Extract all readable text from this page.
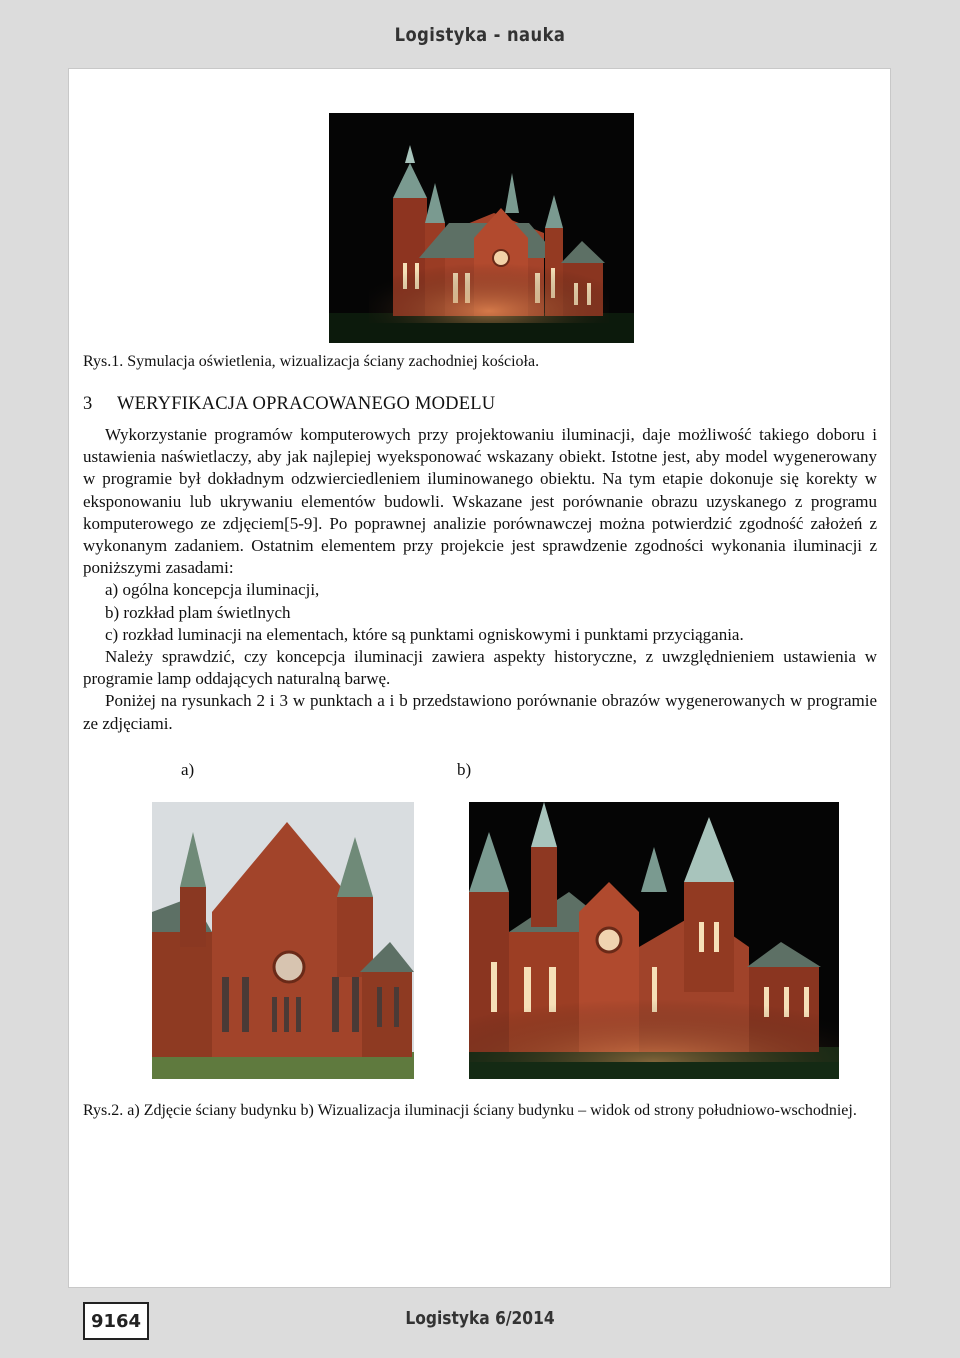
Logistyka - nauka
Rys.1. Symulacja oświetlenia, wizualizacja ściany zachodniej kościoła.
3 WERYFIKACJA OPRACOWANEGO MODELU

Wykorzystanie programów komputerowych przy projektowaniu iluminacji, daje możliwość takiego doboru i ustawienia naświetlaczy, aby jak najlepiej wyeksponować wskazany obiekt. Istotne jest, aby model wygenerowany w programie był dokładnym odzwierciedleniem iluminowanego obiektu. Na tym etapie dokonuje się korekty w eksponowaniu lub ukrywaniu elementów budowli. Wskazane jest porównanie obrazu uzyskanego z programu komputerowego ze zdjęciem[5-9]. Po poprawnej analizie porównawczej można potwierdzić zgodność założeń z wykonanym zadaniem. Ostatnim elementem przy projekcie jest sprawdzenie zgodności wykonania iluminacji z poniższymi zasadami:

a) ogólna koncepcja iluminacji,

b) rozkład plam świetlnych

c) rozkład luminacji na elementach, które są punktami ogniskowymi i punktami przyciągania.

Należy sprawdzić, czy koncepcja iluminacji zawiera aspekty historyczne, z uwzględnieniem ustawienia w programie lamp oddających naturalną barwę.

Poniżej na rysunkach 2 i 3 w punktach a i b przedstawiono porównanie obrazów wygenerowanych w programie ze zdjęciami.

a)	b)
Rys.2. a) Zdjęcie ściany budynku b) Wizualizacja iluminacji ściany budynku – widok od strony południowo-wschodniej.
9164	Logistyka 6/2014
